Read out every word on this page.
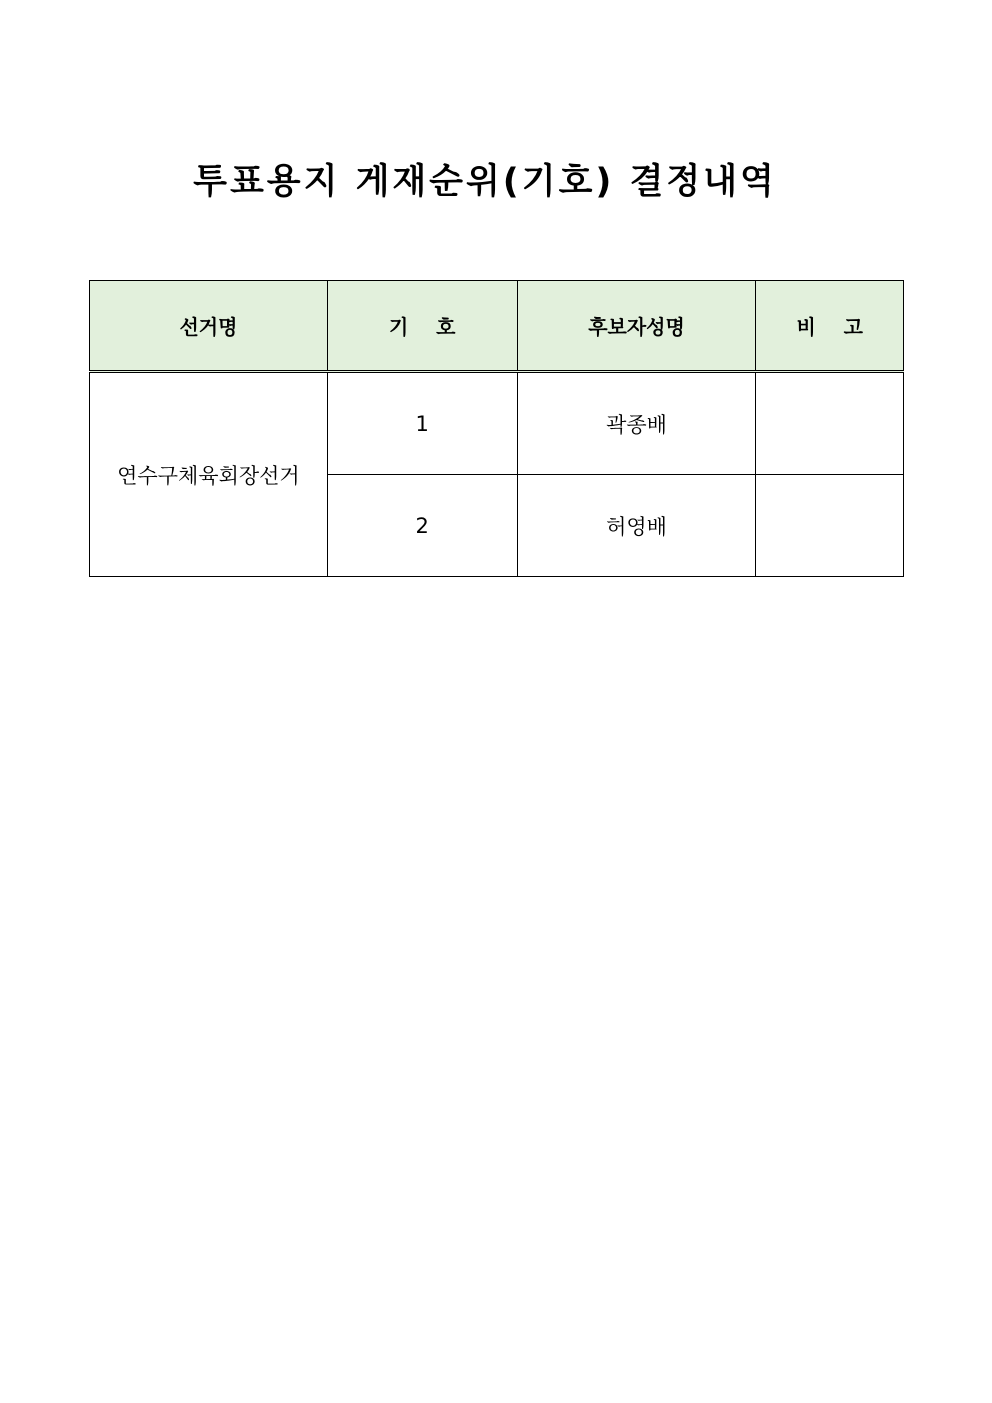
투표용지 게재순위(기호) 결정내역
선거명	기    호	후보자성명	비    고
연수구체육회장선거	1	곽종배	
	2	허영배	
